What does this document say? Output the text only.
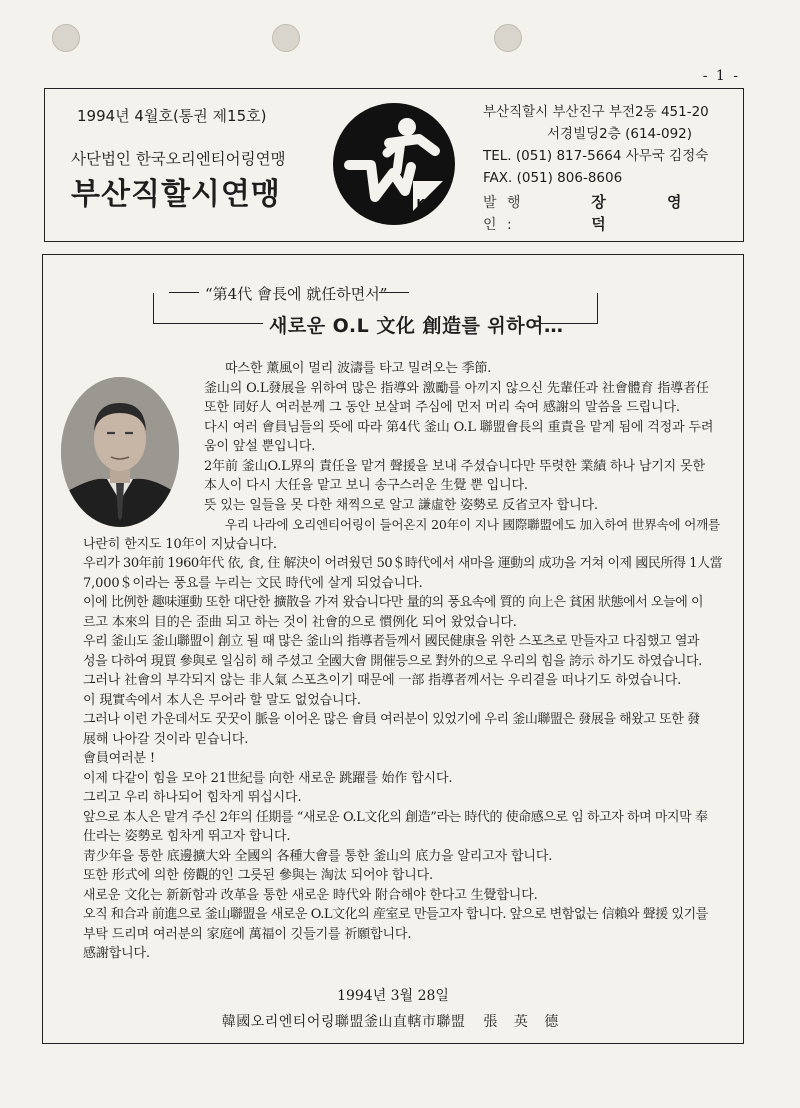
- 1 -
1994년 4월호(통권 제15호)
사단법인 한국오리엔티어링연맹
부산직할시연맹	KOF
부산직할시 부산진구 부전2동 451-20
서경빌딩2층 (614-092)
TEL. (051) 817-5664 사무국 김정숙
FAX. (051) 806-8606
발 행 인 :
장 영 덕
“第4代 會長에 就任하면서”
새로운 O.L 文化 創造를 위하여…

따스한 薰風이 멀리 波濤를 타고 밀려오는 季節.

釜山의 O.L發展을 위하여 많은 指導와 激勵를 아끼지 않으신 先輩任과 社會體育 指導者任

또한 同好人 여러분께 그 동안 보살펴 주심에 먼저 머리 숙여 感謝의 말씀을 드립니다.

다시 여러 會員님들의 뜻에 따라 第4代 釜山 O.L 聯盟會長의 重責을 맡게 됨에 걱정과 두려

움이 앞설 뿐입니다.

2年前 釜山O.L界의 責任을 맡겨 聲援을 보내 주셨습니다만 뚜렷한 業績 하나 남기지 못한

本人이 다시 大任을 맡고 보니 송구스러운 生覺 뿐 입니다.

뜻 있는 일들을 못 다한 채찍으로 알고 謙虛한 姿勢로 反省코자 합니다.

우리 나라에 오리엔티어링이 들어온지 20年이 지나 國際聯盟에도 加入하여 世界속에 어깨를

나란히 한지도 10年이 지났습니다.

우리가 30年前 1960年代 依, 食, 住 解決이 어려웠던 50＄時代에서 새마을 運動의 成功을 거쳐 이제 國民所得 1人當

7,000＄이라는 풍요를 누리는 文民 時代에 살게 되었습니다.

이에 比例한 趣味運動 또한 대단한 擴散을 가져 왔습니다만 量的의 풍요속에 質的 向上은 貧困 狀態에서 오늘에 이

르고 本來의 目的은 歪曲 되고 하는 것이 社會的으로 慣例化 되어 왔었습니다.

우리 釜山도 釜山聯盟이 創立 될 때 많은 釜山의 指導者들께서 國民健康을 위한 스포츠로 만들자고 다짐했고 열과

성을 다하여 現買 參與로 일심히 해 주셨고 全國大會 開催등으로 對外的으로 우리의 힘을 誇示 하기도 하였습니다.

그러나 社會의 부각되지 않는 非人氣 스포츠이기 때문에 一部 指導者께서는 우리곁을 떠나기도 하였습니다.

이 現實속에서 本人은 무어라 할 말도 없었습니다.

그러나 이런 가운데서도 꿋꿋이 脈을 이어온 많은 會員 여러분이 있었기에 우리 釜山聯盟은 發展을 해왔고 또한 發

展해 나아갈 것이라 믿습니다.

會員여러분 !

이제 다같이 힘을 모아 21世紀를 向한 새로운 跳躍를 始作 합시다.

그리고 우리 하나되어 힘차게 뛰십시다.

앞으로 本人은 맡겨 주신 2年의 任期를 “새로운 O.L文化의 創造”라는 時代的 使命感으로 임 하고자 하며 마지막 奉

仕라는 姿勢로 힘차게 뛰고자 합니다.

靑少年을 통한 底邊擴大와 全國의 各種大會를 통한 釜山의 底力을 알리고자 합니다.

또한 形式에 의한 傍觀的인 그릇된 參與는 淘汰 되어야 합니다.

새로운 文化는 新新함과 改革을 통한 새로운 時代와 附合해야 한다고 生覺합니다.

오직 和合과 前進으로 釜山聯盟을 새로운 O.L文化의 産室로 만들고자 합니다. 앞으로 변함없는 信賴와 聲援 있기를

부탁 드리며 여러분의 家庭에 萬福이 깃들기를 祈願합니다.

感謝합니다.

1994년 3월 28일
韓國오리엔티어링聯盟釜山直轄市聯盟 張 英 德
